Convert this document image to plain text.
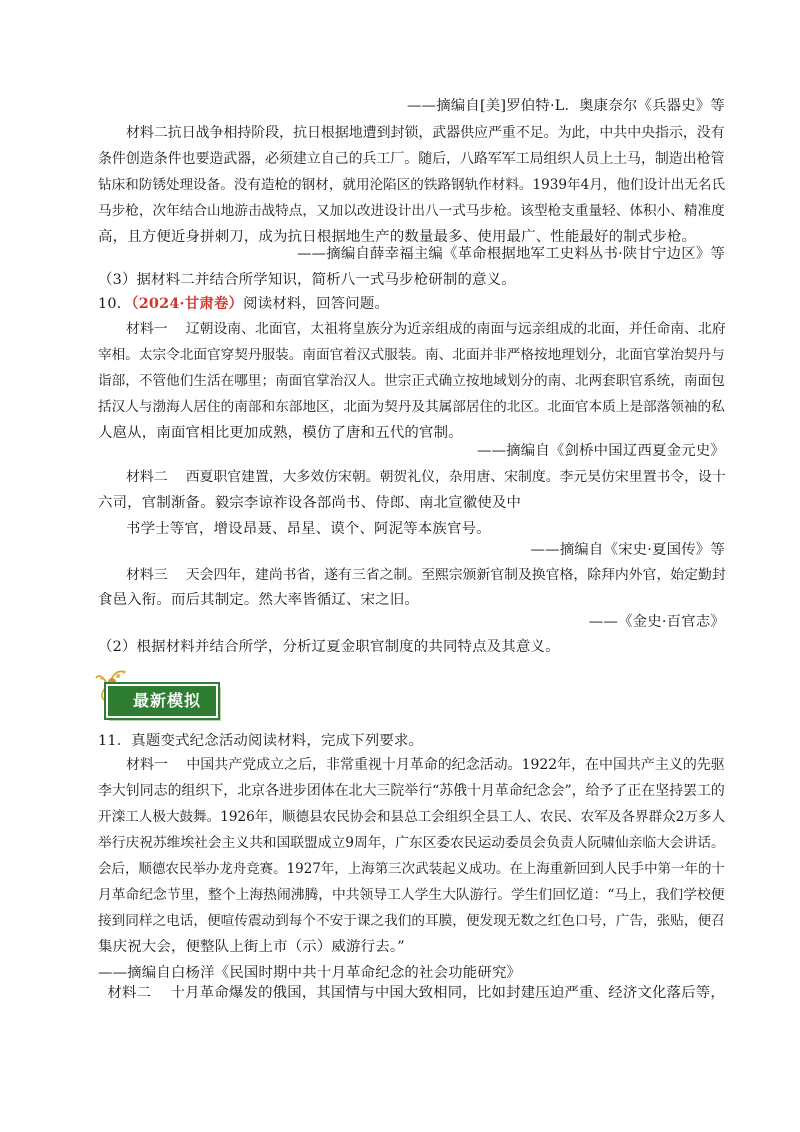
——摘编自[美]罗伯特·L．奥康奈尔《兵器史》等
材料二抗日战争相持阶段，抗日根据地遭到封锁，武器供应严重不足。为此，中共中央指示，没有
条件创造条件也要造武器，必须建立自己的兵工厂。随后，八路军军工局组织人员上土马，制造出枪管
钻床和防锈处理设备。没有造枪的钢材，就用沦陷区的铁路钢轨作材料。1939年4月，他们设计出无名氏
马步枪，次年结合山地游击战特点，又加以改进设计出八一式马步枪。该型枪支重量轻、体积小、精准度
高，且方便近身拼刺刀，成为抗日根据地生产的数量最多、使用最广、性能最好的制式步枪。
——摘编自薛幸福主编《革命根据地军工史料丛书·陕甘宁边区》等
（3）据材料二并结合所学知识，简析八一式马步枪研制的意义。
10．（2024·甘肃卷）阅读材料，回答问题。
材料一　 辽朝设南、北面官，太祖将皇族分为近亲组成的南面与远亲组成的北面，并任命南、北府
宰相。太宗令北面官穿契丹服装。南面官着汉式服装。南、北面并非严格按地理划分，北面官掌治契丹与
诣部，不管他们生活在哪里；南面官掌治汉人。世宗正式确立按地域划分的南、北两套职官系统，南面包
括汉人与渤海人居住的南部和东部地区，北面为契丹及其属部居住的北区。北面官本质上是部落领袖的私
人扈从，南面官相比更加成熟，模仿了唐和五代的官制。
——摘编自《剑桥中国辽西夏金元史》
材料二　 西夏职官建置，大多效仿宋朝。朝贺礼仪，杂用唐、宋制度。李元昊仿宋里置书令，设十
六司，官制渐备。毅宗李谅祚设各部尚书、侍郎、南北宣徽使及中
书学士等官，增设昂聂、昂星、谟个、阿泥等本族官号。
——摘编自《宋史·夏国传》等
材料三　 天会四年，建尚书省，遂有三省之制。至熙宗颁新官制及换官格，除拜内外官，始定勤封
食邑入衔。而后其制定。然大率皆循辽、宋之旧。
——《金史·百官志》
（2）根据材料并结合所学，分析辽夏金职官制度的共同特点及其意义。
最新模拟
11．真题变式纪念活动阅读材料，完成下列要求。
材料一　 中国共产党成立之后，非常重视十月革命的纪念活动。1922年，在中国共产主义的先驱
李大钊同志的组织下，北京各进步团体在北大三院举行“苏俄十月革命纪念会”，给予了正在坚持罢工的
开滦工人极大鼓舞。1926年，顺德县农民协会和县总工会组织全县工人、农民、农军及各界群众2万多人
举行庆祝苏维埃社会主义共和国联盟成立9周年，广东区委农民运动委员会负责人阮啸仙亲临大会讲话。
会后，顺德农民举办龙舟竞赛。1927年，上海第三次武装起义成功。在上海重新回到人民手中第一年的十
月革命纪念节里，整个上海热闹沸腾，中共领导工人学生大队游行。学生们回忆道：“马上，我们学校便
接到同样之电话，便喧传震动到每个不安于课之我们的耳膜，便发现无数之红色口号，广告，张贴，便召
集庆祝大会，便整队上街上市（示）威游行去。”
——摘编自白杨洋《民国时期中共十月革命纪念的社会功能研究》
材料二　 十月革命爆发的俄国，其国情与中国大致相同，比如封建压迫严重、经济文化落后等，
